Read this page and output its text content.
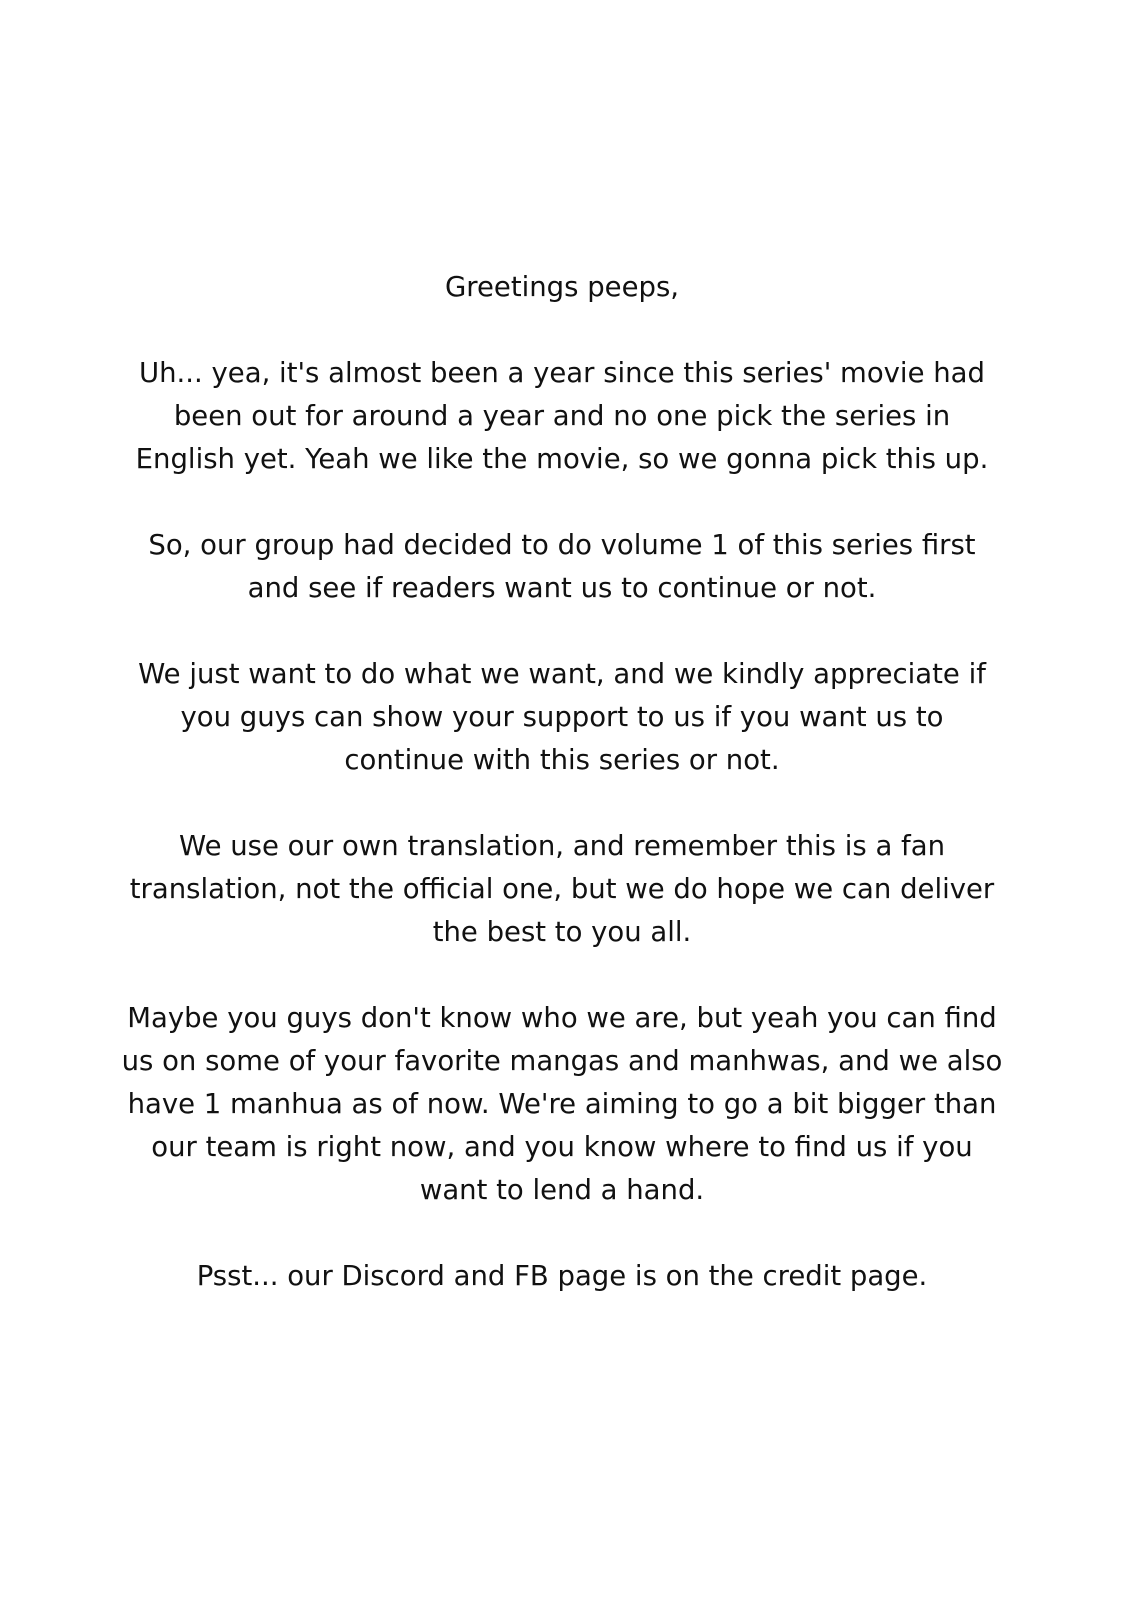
Greetings peeps,
Uh... yea, it's almost been a year since this series' movie had
been out for around a year and no one pick the series in
English yet. Yeah we like the movie, so we gonna pick this up.
So, our group had decided to do volume 1 of this series first
and see if readers want us to continue or not.
We just want to do what we want, and we kindly appreciate if
you guys can show your support to us if you want us to
continue with this series or not.
We use our own translation, and remember this is a fan
translation, not the official one, but we do hope we can deliver
the best to you all.
Maybe you guys don't know who we are, but yeah you can find
us on some of your favorite mangas and manhwas, and we also
have 1 manhua as of now. We're aiming to go a bit bigger than
our team is right now, and you know where to find us if you
want to lend a hand.
Psst... our Discord and FB page is on the credit page.
